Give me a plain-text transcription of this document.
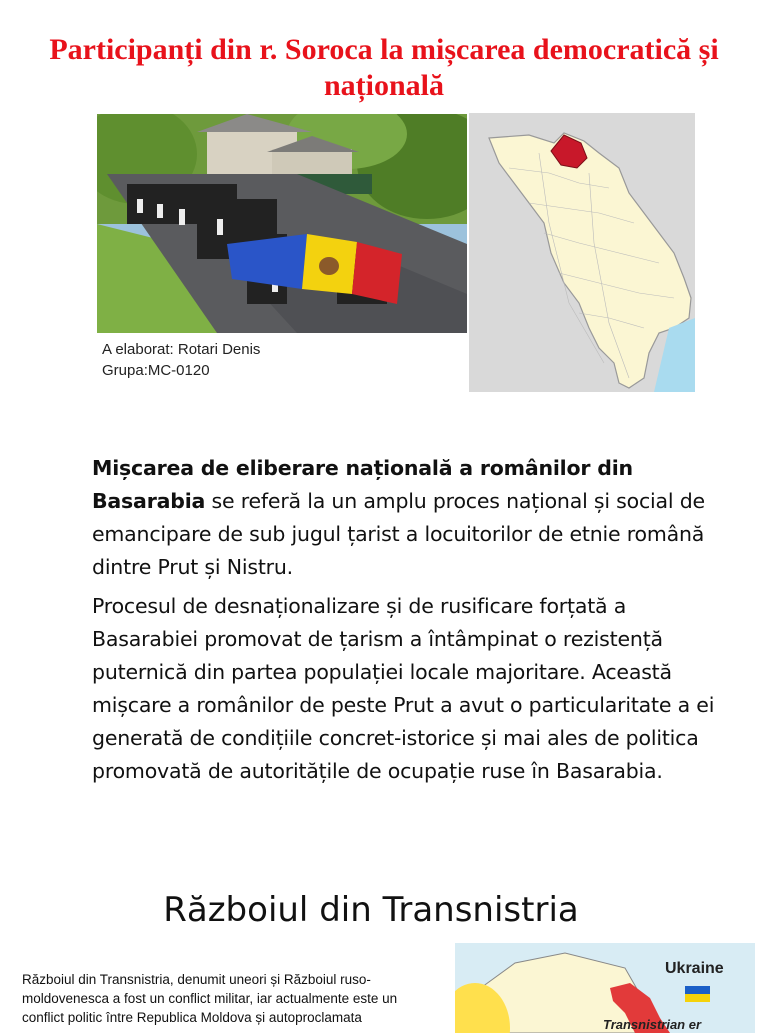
Participanți din r. Soroca la mișcarea democratică și națională
A elaborat: Rotari Denis
Grupa:MC-0120
Mișcarea de eliberare națională a românilor din Basarabia se referă la un amplu proces național și social de emancipare de sub jugul țarist a locuitorilor de etnie română dintre Prut și Nistru.
Procesul de desnaționalizare și de rusificare forțată a Basarabiei promovat de țarism a întâmpinat o rezistență puternică din partea populației locale majoritare. Această mișcare a românilor de peste Prut a avut o particularitate a ei generată de condițiile concret-istorice și mai ales de politica promovată de autoritățile de ocupație ruse în Basarabia.
Războiul din Transnistria
Războiul din Transnistria, denumit uneori și Războiul ruso-moldovenesca a fost un conflict militar, iar actualmente este un conflict politic între Republica Moldova și autoproclamata
Ukraine
Transnistrian er
